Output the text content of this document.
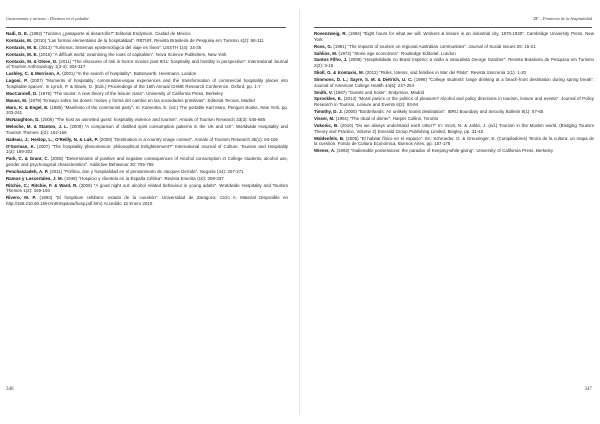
Gastronomía y turismo – Destinos en el paladar

Nadi, D. E. (1992) "Turismo ¿pasaporte al desarrollo?" Editorial Endymion. Ciudad de México

Kontaxis, M. (2010) "Las formas elementales de la hospitalidad". RBTUR, Revista Brasileira de Pesquisa em Turismo 4(2): 86-111

Kontaxis, M. E. (2013) "Turismus: Sistemas epistemológica del viaje en línea". USSTH 1(4): 24-35

Kontaxis, M. E. (2015) "A difficult world: examining the roots of capitalism". Nova Science Publishers, New York

Kontaxis, M. & Olsen, D. (2011) "The discourse of risk in horror movies post 9/11: hospitality and hostility in perspective". International Journal of Tourism Anthropology 1(3-4): 304-317

Lashley, C. & Morrison, A. (2001) "In the search of hospitality". Butterworth. Heinmann. London

Lugosi, P. (2007) "Moments of hospitality: communitas-esque experiences and the transformation of commercial hospitality places into 'hospitable spaces'. In Lynch, P. & Slavin, D. (Eds.) Proceedings of the 16th Annual CHME Research Conference, Oxford, pp. 1-7

MacCannell, D. (1976) "The tourist: A new theory of the leisure class". University of California Press, Berkeley

Mauss, M. (1979) "Ensayo sobre los dones: motivo y forma del cambio en las sociedades primitivas". Editorial Tecnos, Madrid

Marx, K. & Engel, E. (1985) "Manifesto of the communist party". In: Kamenka, E. (ed.) The portable Karl Marx, Penguin Books, New York, pp. 203-241

McNaughton, D. (2006) "The host as uninvited guest: hospitality violence and tourism". Annals of Tourism Research 33(3): 645-665

Meloche, M. & Stanton, J. L. (2009) "A comparison of distilled spirit consumption patterns in the UK and US". Worldwide Hospitality and Tourism Themes 1(2): 162-168

Nadeau, J.; Heslop, L.; O'Reilly, N. & Luk, P. (2008) "Destination in a country image context". Annals of Tourism Research 35(1): 84-106

O'Gorman, K. (2007) "The hospitality phenomenon: philosophical Enlightenment?" International Journal of Culture, Tourism and Hospitality 1(3): 189-202

Park, C. & Grant, C. (2005) "Determinants of positive and negative consequences of Alcohol consumption in College students, alcohol use, gender and psychological characteristics". Addictive Behaviour 30: 755-765

Penchaszadeh, A. P. (2011) "Política, don y hospitalidad en el pensamiento de Jacques Derrida". Isegoría (44): 257-271

Ramos y Loscertales, J. M. (1948) "Hospicio y clientela en la España Céltica". Revista Emerita (10): 308-337

Ritchie, C.; Ritchie, F. & Ward, R. (2009) "A good night out: alcohol related behaviour in young adults". Worldwide Hospitality and Tourism Themes 1(2): 169-193

Rivero, M. P. (1993) "El hospitium celtibero: estado de la cuestión". Universidad de Zaragoza. Ciclo II. Material Disponible en http://155.210.60.15/HAnt/Hispania/hosp.pdf.htm) Accedido 15 Enero 2010

346
ZF – Fronteras de la hospitalidad

Rosenzweig, R. (1994) "Eight hours for what we will. Workers & leisure in an industrial city, 1870-1920". Cambridge University Press, New York

Ross, G. (1991) "The impacts of tourism on regional Australian communities". Journal of Social Issues 26: 15-21

Sahlins, M. (1972) "Stone age economics". Routledge Editorial. London

Santos Filho, J. (2008) "Hospitalidade no Brasil Império: a visão a naturalista George Gardner". Revista Brasileira de Pesquisa em Turismo 2(2): 3-19

Skoll, G. & Kontaxis, M. (2012) "Risks, totems, and fetishes in Mar del Plata". Revista Sincronía 1(1): 1-20

Simmons, D. L.; Sayre, S. M. & Dietrich, U. C. (1996) "College students' binge drinking at a beach-front destination during spring break". Journal of American College Health 44(6): 247-254

Smith, V. (1967) "Guests and hosts". Endymion, Madrid

Sprockles, K. (2014) "Moral panics or the politics of pleasure? Alcohol and policy directions in tourism, leisure and events". Journal of Policy Research in Tourism, Leisure and Events 6(2): 93-94

Timothy, D. J. (2000) "Borderlands: An unlikely tourist destination". IBRU Boundary and Security Bulletin 8(1): 57-65

Visser, M. (1991) "The ritual of dinner". Harper Collins, Toronto

Vukonic, B. (2010) "Do we always understand each other?" In: Scott, N. & Jafari, J. (ed.) Tourism in the Muslim world. (Bridging Tourism Theory and Practice, Volume 2) Emerald Group Publishing Limited, Bingley, pp. 31-45

Waldenfels, B. (2005) "El habitar físico en el espacio". En: Schroeder, G. & Greuninger, E. (Compiladores) Teoría de la cultura: un mapa de la cuestión. Fondo de Cultura Económica, Buenos Aires, pp. 157-178

Wiener, A. (1992) "Inalienable possessions: the paradox of Keeping-while-giving". University of California Press, Berkeley

347
